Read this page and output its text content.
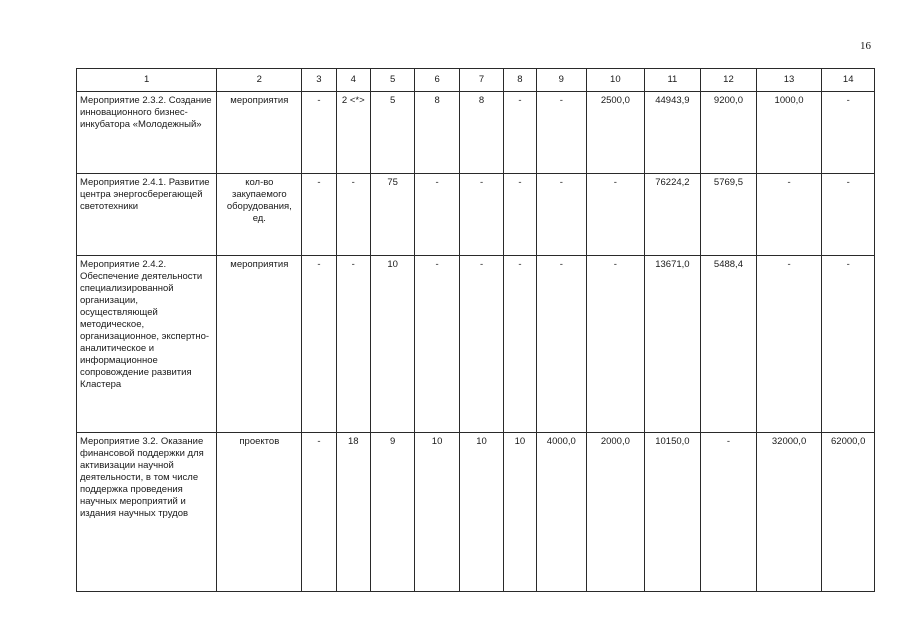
16
1	2	3	4	5	6	7	8	9	10	11	12	13	14
Мероприятие 2.3.2. Создание инновационного бизнес-инкубатора «Молодежный»	мероприятия	-	2 <*>	5	8	8	-	-	2500,0	44943,9	9200,0	1000,0	-
Мероприятие 2.4.1. Развитие центра энергосберегающей светотехники	кол-во закупаемого оборудования, ед.	-	-	75	-	-	-	-	-	76224,2	5769,5	-	-
Мероприятие 2.4.2. Обеспечение деятельности специализированной организации, осуществляющей методическое, организационное, экспертно-аналитическое и информационное сопровождение развития Кластера	мероприятия	-	-	10	-	-	-	-	-	13671,0	5488,4	-	-
Мероприятие 3.2. Оказание финансовой поддержки для активизации научной деятельности, в том числе поддержка проведения научных мероприятий и издания научных трудов	проектов	-	18	9	10	10	10	4000,0	2000,0	10150,0	-	32000,0	62000,0
